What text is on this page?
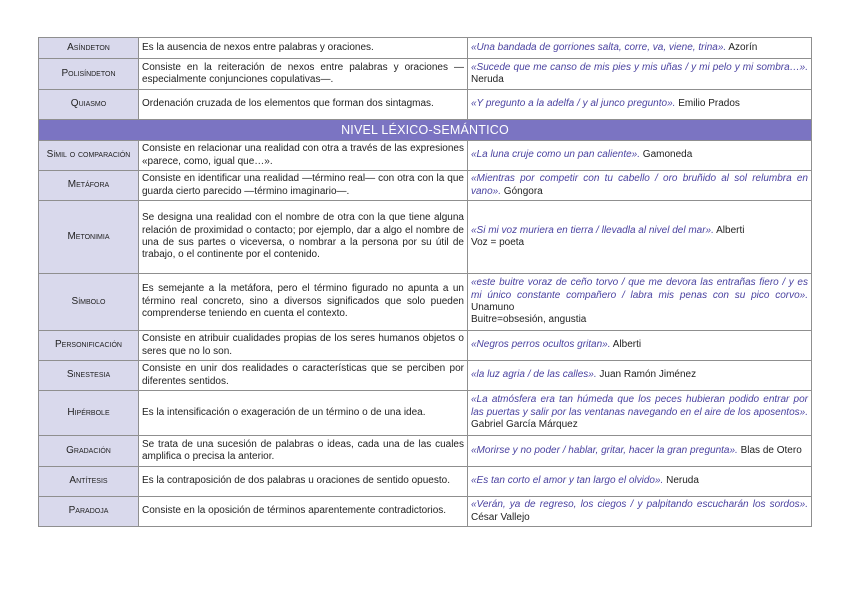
Asíndeton	Es la ausencia de nexos entre palabras y oraciones.	«Una bandada de gorriones salta, corre, va, viene, trina». Azorín
Polisíndeton	Consiste en la reiteración de nexos entre palabras y oraciones —especialmente conjunciones copulativas—.	«Sucede que me canso de mis pies y mis uñas / y mi pelo y mi sombra…». Neruda
Quiasmo	Ordenación cruzada de los elementos que forman dos sintagmas.	«Y pregunto a la adelfa / y al junco pregunto». Emilio Prados
NIVEL LÉXICO-SEMÁNTICO		
Símil o comparación	Consiste en relacionar una realidad con otra a través de las expresiones «parece, como, igual que…».	«La luna cruje como un pan caliente». Gamoneda
Metáfora	Consiste en identificar una realidad —término real— con otra con la que guarda cierto parecido —término imaginario—.	«Mientras por competir con tu cabello / oro bruñido al sol relumbra en vano». Góngora
Metonimia	Se designa una realidad con el nombre de otra con la que tiene alguna relación de proximidad o contacto; por ejemplo, dar a algo el nombre de una de sus partes o viceversa, o nombrar a la persona por su útil de trabajo, o el continente por el contenido.	«Si mi voz muriera en tierra / llevadla al nivel del mar». Alberti
Voz = poeta
Símbolo	Es semejante a la metáfora, pero el término figurado no apunta a un término real concreto, sino a diversos significados que solo pueden comprenderse teniendo en cuenta el contexto.	«este buitre voraz de ceño torvo / que me devora las entrañas fiero / y es mi único constante compañero / labra mis penas con su pico corvo». Unamuno
Buitre=obsesión, angustia
Personificación	Consiste en atribuir cualidades propias de los seres humanos objetos o seres que no lo son.	«Negros perros ocultos gritan». Alberti
Sinestesia	Consiste en unir dos realidades o características que se perciben por diferentes sentidos.	«la luz agria / de las calles». Juan Ramón Jiménez
Hipérbole	Es la intensificación o exageración de un término o de una idea.	«La atmósfera era tan húmeda que los peces hubieran podido entrar por las puertas y salir por las ventanas navegando en el aire de los aposentos». Gabriel García Márquez
Gradación	Se trata de una sucesión de palabras o ideas, cada una de las cuales amplifica o precisa la anterior.	«Morirse y no poder / hablar, gritar, hacer la gran pregunta». Blas de Otero
Antítesis	Es la contraposición de dos palabras u oraciones de sentido opuesto.	«Es tan corto el amor y tan largo el olvido». Neruda
Paradoja	Consiste en la oposición de términos aparentemente contradictorios.	«Verán, ya de regreso, los ciegos / y palpitando escucharán los sordos». César Vallejo
